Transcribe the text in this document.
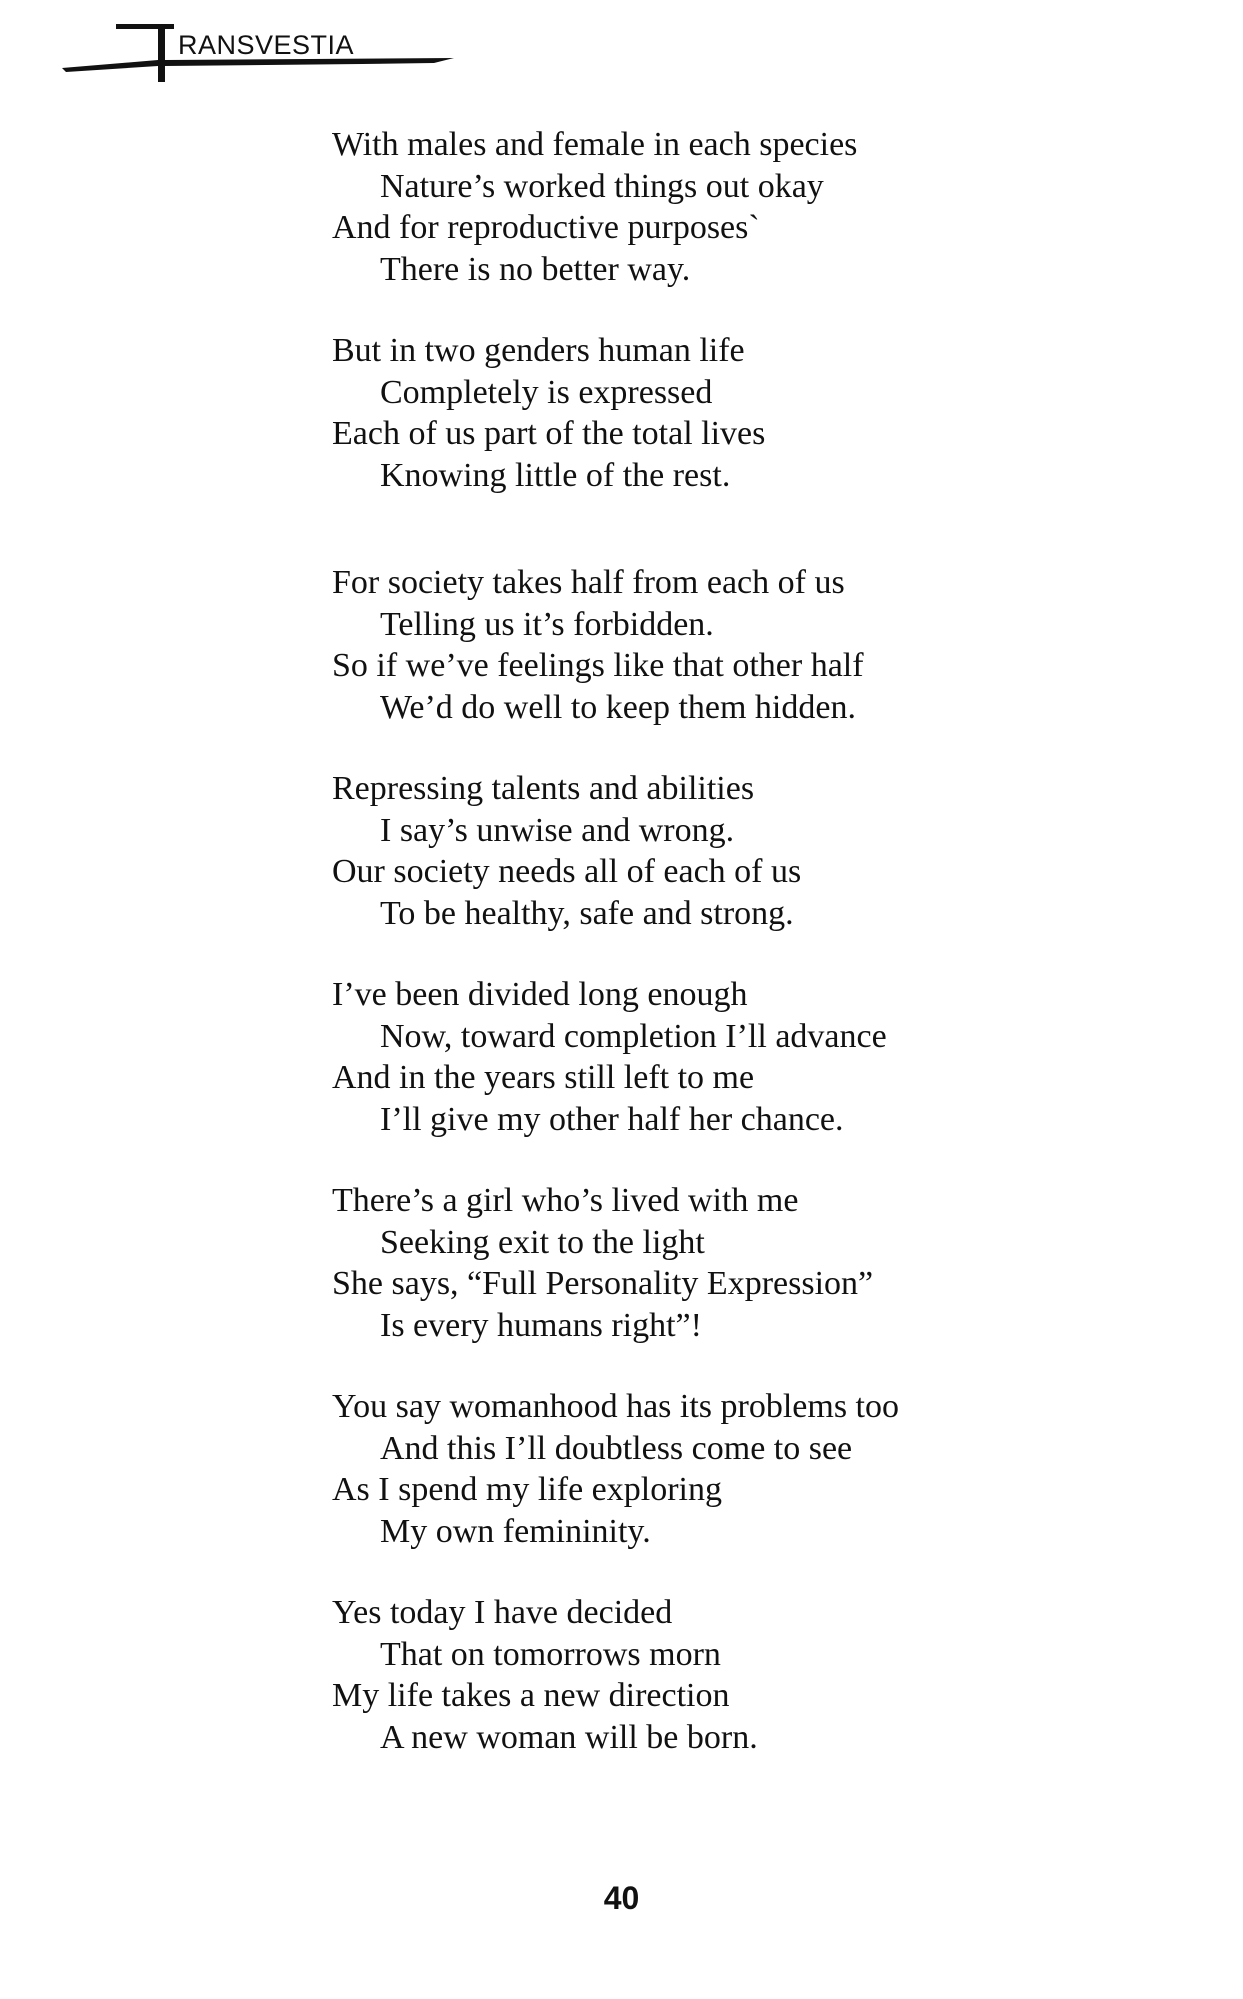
RANSVESTIA
With males and female in each species
Nature’s worked things out okay
And for reproductive purposes`
There is no better way.
But in two genders human life
Completely is expressed
Each of us part of the total lives
Knowing little of the rest.
For society takes half from each of us
Telling us it’s forbidden.
So if we’ve feelings like that other half
We’d do well to keep them hidden.
Repressing talents and abilities
I say’s unwise and wrong.
Our society needs all of each of us
To be healthy, safe and strong.
I’ve been divided long enough
Now, toward completion I’ll advance
And in the years still left to me
I’ll give my other half her chance.
There’s a girl who’s lived with me
Seeking exit to the light
She says, “Full Personality Expression”
Is every humans right”!
You say womanhood has its problems too
And this I’ll doubtless come to see
As I spend my life exploring
My own femininity.
Yes today I have decided
That on tomorrows morn
My life takes a new direction
A new woman will be born.
40
